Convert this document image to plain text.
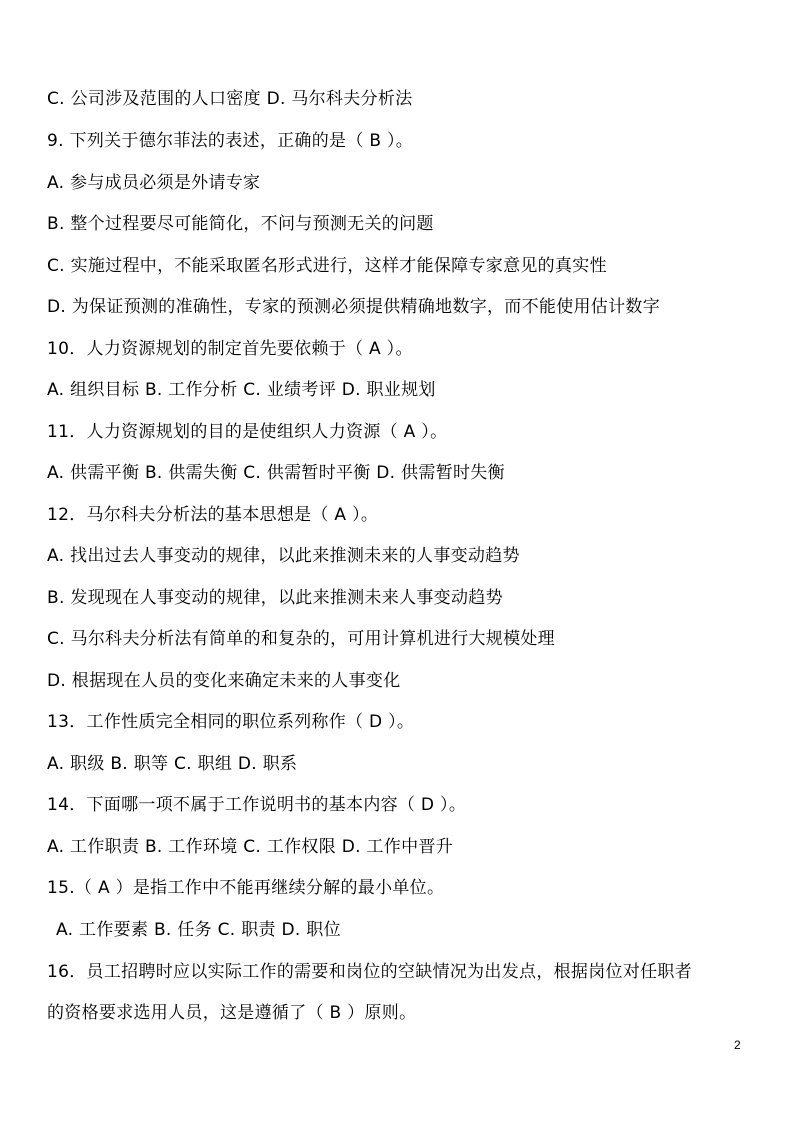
C. 公司涉及范围的人口密度 D. 马尔科夫分析法
9. 下列关于德尔菲法的表述，正确的是（ B ）。
A. 参与成员必须是外请专家
B. 整个过程要尽可能简化，不问与预测无关的问题
C. 实施过程中，不能采取匿名形式进行，这样才能保障专家意见的真实性
D. 为保证预测的准确性，专家的预测必须提供精确地数字，而不能使用估计数字
10．人力资源规划的制定首先要依赖于（ A ）。
A. 组织目标 B. 工作分析 C. 业绩考评 D. 职业规划
11．人力资源规划的目的是使组织人力资源（ A ）。
A. 供需平衡 B. 供需失衡 C. 供需暂时平衡 D. 供需暂时失衡
12．马尔科夫分析法的基本思想是（ A ）。
A. 找出过去人事变动的规律，以此来推测未来的人事变动趋势
B. 发现现在人事变动的规律，以此来推测未来人事变动趋势
C. 马尔科夫分析法有简单的和复杂的，可用计算机进行大规模处理
D. 根据现在人员的变化来确定未来的人事变化
13．工作性质完全相同的职位系列称作（ D ）。
A. 职级 B. 职等 C. 职组 D. 职系
14．下面哪一项不属于工作说明书的基本内容（ D ）。
A. 工作职责 B. 工作环境 C. 工作权限 D. 工作中晋升
15.（ A ）是指工作中不能再继续分解的最小单位。
A. 工作要素 B. 任务 C. 职责 D. 职位
16．员工招聘时应以实际工作的需要和岗位的空缺情况为出发点，根据岗位对任职者
的资格要求选用人员，这是遵循了（ B ）原则。
2
